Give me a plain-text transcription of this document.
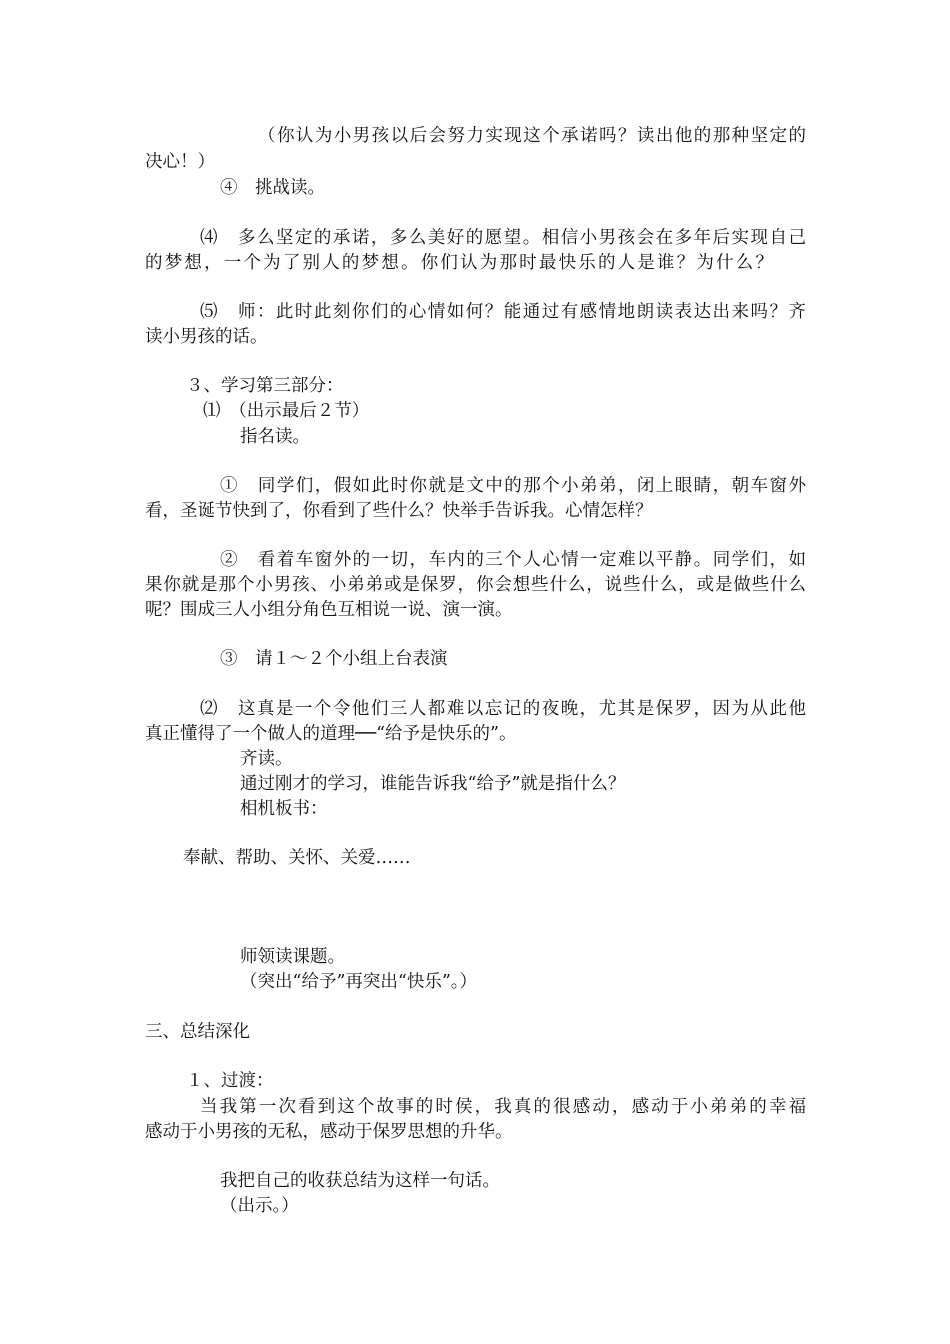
（你认为小男孩以后会努力实现这个承诺吗？读出他的那种坚定的
决心！）
④　挑战读。
⑷　多么坚定的承诺，多么美好的愿望。相信小男孩会在多年后实现自己
的梦想，一个为了别人的梦想。你们认为那时最快乐的人是谁？为什么？
⑸　师：此时此刻你们的心情如何？能通过有感情地朗读表达出来吗？齐
读小男孩的话。
３、学习第三部分：
⑴　（出示最后２节）
指名读。
①　同学们，假如此时你就是文中的那个小弟弟，闭上眼睛，朝车窗外
看，圣诞节快到了，你看到了些什么？快举手告诉我。心情怎样？
②　看着车窗外的一切，车内的三个人心情一定难以平静。同学们，如
果你就是那个小男孩、小弟弟或是保罗，你会想些什么，说些什么，或是做些什么
呢？围成三人小组分角色互相说一说、演一演。
③　请１～２个小组上台表演
⑵　这真是一个令他们三人都难以忘记的夜晚，尤其是保罗，因为从此他
真正懂得了一个做人的道理──“给予是快乐的”。
齐读。
通过刚才的学习，谁能告诉我“给予”就是指什么？
相机板书：
奉献、帮助、关怀、关爱……
师领读课题。
（突出“给予”再突出“快乐”。）
三、总结深化
１、过渡：
当我第一次看到这个故事的时侯，我真的很感动，感动于小弟弟的幸福
感动于小男孩的无私，感动于保罗思想的升华。
我把自己的收获总结为这样一句话。
（出示。）
